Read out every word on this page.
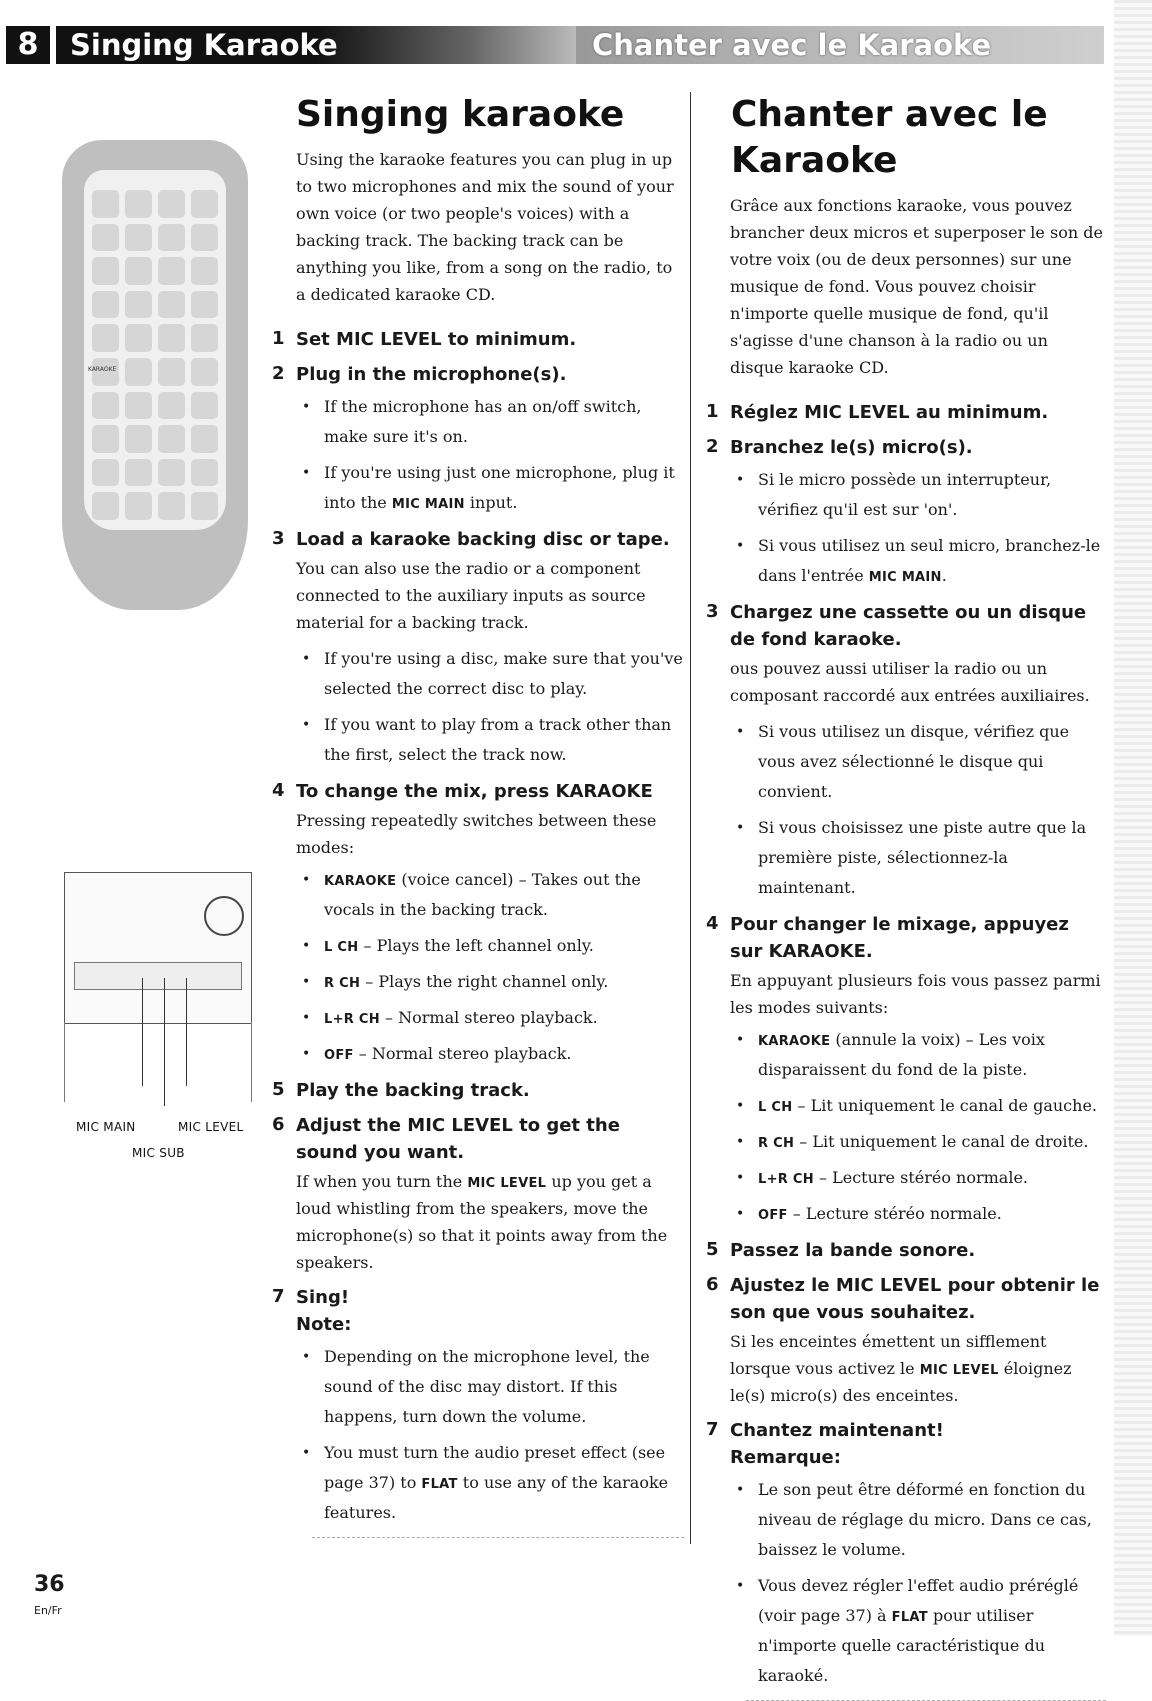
8	Singing Karaoke	Chanter avec le Karaoke
KARAOKE
MIC MAIN	MIC LEVEL
MIC SUB
Singing karaoke

Using the karaoke features you can plug in up to two microphones and mix the sound of your own voice (or two people's voices) with a backing track. The backing track can be anything you like, from a song on the radio, to a dedicated karaoke CD.

1 Set MIC LEVEL to minimum.
2 Plug in the microphone(s).
• If the microphone has an on/off switch, make sure it's on.
• If you're using just one microphone, plug it into the MIC MAIN input.
3 Load a karaoke backing disc or tape.

You can also use the radio or a component connected to the auxiliary inputs as source material for a backing track.

• If you're using a disc, make sure that you've selected the correct disc to play.
• If you want to play from a track other than the first, select the track now.
4 To change the mix, press KARAOKE

Pressing repeatedly switches between these modes:

• KARAOKE (voice cancel) – Takes out the vocals in the backing track.
• L CH – Plays the left channel only.
• R CH – Plays the right channel only.
• L+R CH – Normal stereo playback.
• OFF – Normal stereo playback.
5 Play the backing track.
6 Adjust the MIC LEVEL to get the sound you want.

If when you turn the MIC LEVEL up you get a loud whistling from the speakers, move the microphone(s) so that it points away from the speakers.

7 Sing!
Note:
• Depending on the microphone level, the sound of the disc may distort. If this happens, turn down the volume.
• You must turn the audio preset effect (see page 37) to FLAT to use any of the karaoke features.
Chanter avec le Karaoke

Grâce aux fonctions karaoke, vous pouvez brancher deux micros et superposer le son de votre voix (ou de deux personnes) sur une musique de fond. Vous pouvez choisir n'importe quelle musique de fond, qu'il s'agisse d'une chanson à la radio ou un disque karaoke CD.

1 Réglez MIC LEVEL au minimum.
2 Branchez le(s) micro(s).
• Si le micro possède un interrupteur, vérifiez qu'il est sur 'on'.
• Si vous utilisez un seul micro, branchez-le dans l'entrée MIC MAIN.
3 Chargez une cassette ou un disque de fond karaoke.

ous pouvez aussi utiliser la radio ou un composant raccordé aux entrées auxiliaires.

• Si vous utilisez un disque, vérifiez que vous avez sélectionné le disque qui convient.
• Si vous choisissez une piste autre que la première piste, sélectionnez-la maintenant.
4 Pour changer le mixage, appuyez sur KARAOKE.

En appuyant plusieurs fois vous passez parmi les modes suivants:

• KARAOKE (annule la voix) – Les voix disparaissent du fond de la piste.
• L CH – Lit uniquement le canal de gauche.
• R CH – Lit uniquement le canal de droite.
• L+R CH – Lecture stéréo normale.
• OFF – Lecture stéréo normale.
5 Passez la bande sonore.
6 Ajustez le MIC LEVEL pour obtenir le son que vous souhaitez.

Si les enceintes émettent un sifflement lorsque vous activez le MIC LEVEL éloignez le(s) micro(s) des enceintes.

7 Chantez maintenant!
Remarque:
• Le son peut être déformé en fonction du niveau de réglage du micro. Dans ce cas, baissez le volume.
• Vous devez régler l'effet audio préréglé (voir page 37) à FLAT pour utiliser n'importe quelle caractéristique du karaoké.
36
En/Fr
